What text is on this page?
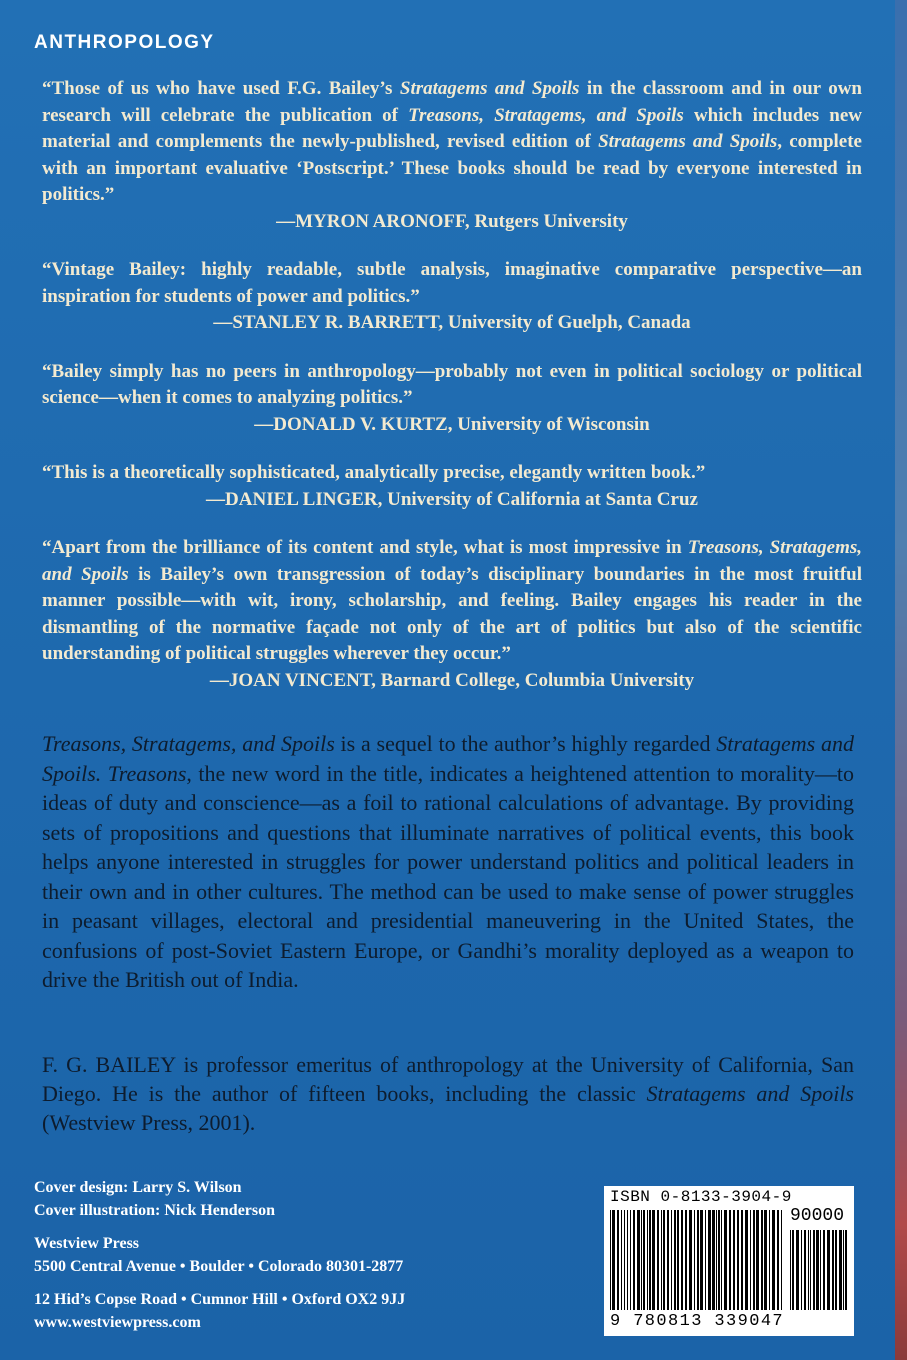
ANTHROPOLOGY

“Those of us who have used F.G. Bailey’s Stratagems and Spoils in the classroom and in our own research will celebrate the publication of Treasons, Stratagems, and Spoils which includes new material and complements the newly-published, revised edition of Stratagems and Spoils, complete with an important evaluative ‘Postscript.’ These books should be read by everyone interested in politics.”

—MYRON ARONOFF, Rutgers University

“Vintage Bailey: highly readable, subtle analysis, imaginative comparative perspective—an inspiration for students of power and politics.”

—STANLEY R. BARRETT, University of Guelph, Canada

“Bailey simply has no peers in anthropology—probably not even in political sociology or political science—when it comes to analyzing politics.”

—DONALD V. KURTZ, University of Wisconsin

“This is a theoretically sophisticated, analytically precise, elegantly written book.”

—DANIEL LINGER, University of California at Santa Cruz

“Apart from the brilliance of its content and style, what is most impressive in Treasons, Stratagems, and Spoils is Bailey’s own transgression of today’s disciplinary boundaries in the most fruitful manner possible—with wit, irony, scholarship, and feeling. Bailey engages his reader in the dismantling of the normative façade not only of the art of politics but also of the scientific understanding of political struggles wherever they occur.”

—JOAN VINCENT, Barnard College, Columbia University

Treasons, Stratagems, and Spoils is a sequel to the author’s highly regarded Stratagems and Spoils. Treasons, the new word in the title, indicates a heightened attention to morality—to ideas of duty and conscience—as a foil to rational calculations of advantage. By providing sets of propositions and questions that illuminate narratives of political events, this book helps anyone interested in struggles for power understand politics and political leaders in their own and in other cultures. The method can be used to make sense of power struggles in peasant villages, electoral and presidential maneuvering in the United States, the confusions of post-Soviet Eastern Europe, or Gandhi’s morality deployed as a weapon to drive the British out of India.

F. G. BAILEY is professor emeritus of anthropology at the University of California, San Diego. He is the author of fifteen books, including the classic Stratagems and Spoils (Westview Press, 2001).

Cover design: Larry S. Wilson
Cover illustration: Nick Henderson
Westview Press
5500 Central Avenue • Boulder • Colorado 80301-2877
12 Hid’s Copse Road • Cumnor Hill • Oxford OX2 9JJ
www.westviewpress.com
ISBN 0-8133-3904-9
90000
9 780813 339047
